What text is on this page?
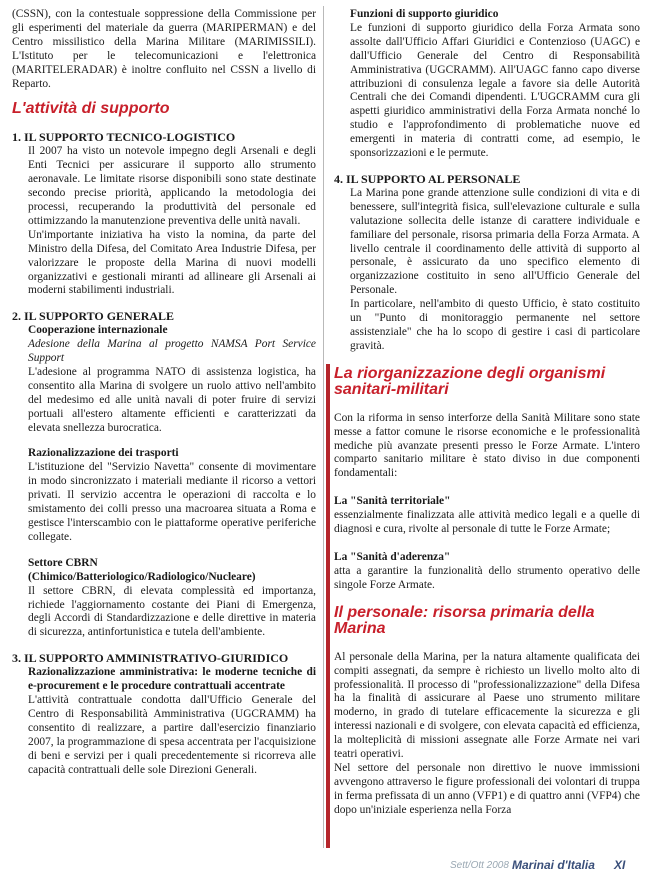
(CSSN), con la contestuale soppressione della Commissione per gli esperimenti del materiale da guerra (MARIPERMAN) e del Centro missilistico della Marina Militare (MARIMISSILI). L'Istituto per le telecomunicazioni e l'elettronica (MARITELERADAR) è inoltre confluito nel CSSN a livello di Reparto.

L'attività di supporto

1. IL SUPPORTO TECNICO-LOGISTICO

Il 2007 ha visto un notevole impegno degli Arsenali e degli Enti Tecnici per assicurare il supporto allo strumento aeronavale. Le limitate risorse disponibili sono state destinate secondo precise priorità, applicando la metodologia dei processi, recuperando la produttività del personale ed ottimizzando la manutenzione preventiva delle unità navali.

Un'importante iniziativa ha visto la nomina, da parte del Ministro della Difesa, del Comitato Area Industrie Difesa, per valorizzare le proposte della Marina di nuovi modelli organizzativi e gestionali miranti ad allineare gli Arsenali ai moderni stabilimenti industriali.

2. IL SUPPORTO GENERALE

Cooperazione internazionale

Adesione della Marina al progetto NAMSA Port Service Support

L'adesione al programma NATO di assistenza logistica, ha consentito alla Marina di svolgere un ruolo attivo nell'ambito del medesimo ed alle unità navali di poter fruire di servizi portuali all'estero altamente efficienti e caratterizzati da elevata snellezza burocratica.

Razionalizzazione dei trasporti

L'istituzione del "Servizio Navetta" consente di movimentare in modo sincronizzato i materiali mediante il ricorso a vettori privati. Il servizio accentra le operazioni di raccolta e lo smistamento dei colli presso una macroarea situata a Roma e gestisce l'interscambio con le piattaforme operative periferiche collegate.

Settore CBRN

(Chimico/Batteriologico/Radiologico/Nucleare)

Il settore CBRN, di elevata complessità ed importanza, richiede l'aggiornamento costante dei Piani di Emergenza, degli Accordi di Standardizzazione e delle direttive in materia di sicurezza, antinfortunistica e tutela dell'ambiente.

3. IL SUPPORTO AMMINISTRATIVO-GIURIDICO

Razionalizzazione amministrativa: le moderne tecniche di e-procurement e le procedure contrattuali accentrate

L'attività contrattuale condotta dall'Ufficio Generale del Centro di Responsabilità Amministrativa (UGCRAMM) ha consentito di realizzare, a partire dall'esercizio finanziario 2007, la programmazione di spesa accentrata per l'acquisizione di beni e servizi per i quali precedentemente si ricorreva alle capacità contrattuali delle sole Direzioni Generali.

Funzioni di supporto giuridico

Le funzioni di supporto giuridico della Forza Armata sono assolte dall'Ufficio Affari Giuridici e Contenzioso (UAGC) e dall'Ufficio Generale del Centro di Responsabilità Amministrativa (UGCRAMM). All'UAGC fanno capo diverse attribuzioni di consulenza legale a favore sia delle Autorità Centrali che dei Comandi dipendenti. L'UGCRAMM cura gli aspetti giuridico amministrativi della Forza Armata nonché lo studio e l'approfondimento di problematiche nuove ed emergenti in materia di contratti come, ad esempio, le sponsorizzazioni e le permute.

4. IL SUPPORTO AL PERSONALE

La Marina pone grande attenzione sulle condizioni di vita e di benessere, sull'integrità fisica, sull'elevazione culturale e sulla valutazione sollecita delle istanze di carattere individuale e familiare del personale, risorsa primaria della Forza Armata. A livello centrale il coordinamento delle attività di supporto al personale, è assicurato da uno specifico elemento di organizzazione costituito in seno all'Ufficio Generale del Personale.

In particolare, nell'ambito di questo Ufficio, è stato costituito un "Punto di monitoraggio permanente nel settore assistenziale" che ha lo scopo di gestire i casi di particolare gravità.

La riorganizzazione degli organismi sanitari-militari

Con la riforma in senso interforze della Sanità Militare sono state messe a fattor comune le risorse economiche e le professionalità mediche più avanzate presenti presso le Forze Armate. L'intero comparto sanitario militare è stato diviso in due componenti fondamentali:

La "Sanità territoriale"

essenzialmente finalizzata alle attività medico legali e a quelle di diagnosi e cura, rivolte al personale di tutte le Forze Armate;

La "Sanità d'aderenza"

atta a garantire la funzionalità dello strumento operativo delle singole Forze Armate.

Il personale: risorsa primaria della Marina

Al personale della Marina, per la natura altamente qualificata dei compiti assegnati, da sempre è richiesto un livello molto alto di professionalità. Il processo di "professionalizzazione" della Difesa ha la finalità di assicurare al Paese uno strumento militare moderno, in grado di tutelare efficacemente la sicurezza e gli interessi nazionali e di svolgere, con elevata capacità ed efficienza, la molteplicità di missioni assegnate alle Forze Armate nei vari teatri operativi.

Nel settore del personale non direttivo le nuove immissioni avvengono attraverso le figure professionali dei volontari di truppa in ferma prefissata di un anno (VFP1) e di quattro anni (VFP4) che dopo un'iniziale esperienza nella Forza

Sett/Ott 2008 Marinai d'Italia XI
